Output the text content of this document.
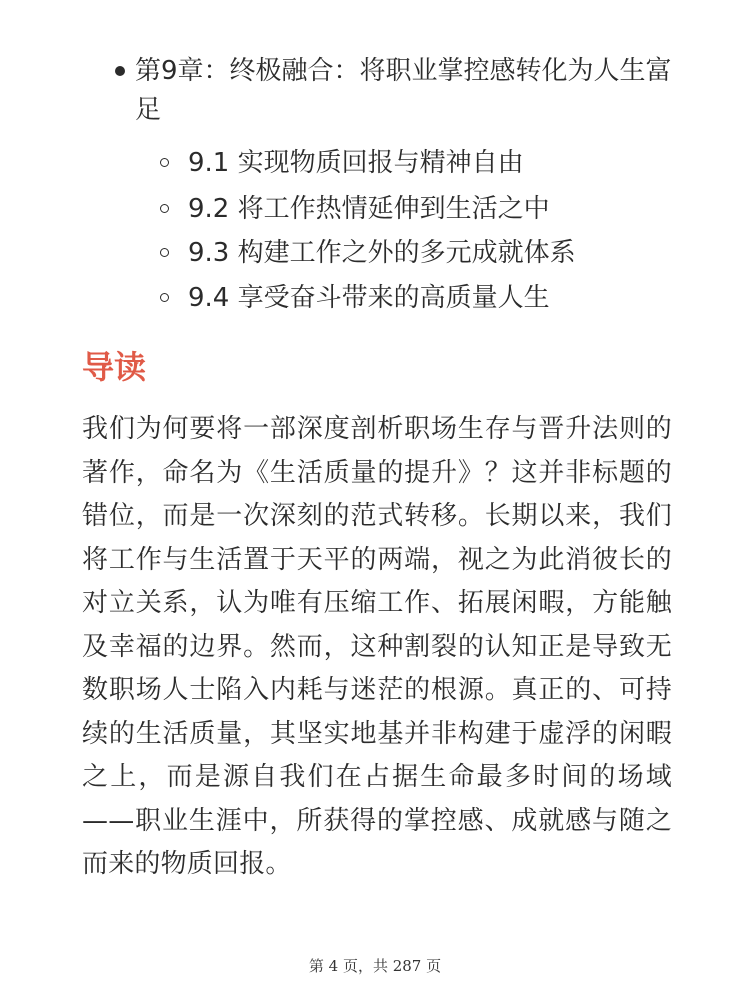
第9章：终极融合：将职业掌控感转化为人生富足
9.1 实现物质回报与精神自由
9.2 将工作热情延伸到生活之中
9.3 构建工作之外的多元成就体系
9.4 享受奋斗带来的高质量人生
导读

我们为何要将一部深度剖析职场生存与晋升法则的著作，命名为《生活质量的提升》？这并非标题的错位，而是一次深刻的范式转移。长期以来，我们将工作与生活置于天平的两端，视之为此消彼长的对立关系，认为唯有压缩工作、拓展闲暇，方能触及幸福的边界。然而，这种割裂的认知正是导致无数职场人士陷入内耗与迷茫的根源。真正的、可持续的生活质量，其坚实地基并非构建于虚浮的闲暇之上，而是源自我们在占据生命最多时间的场域——职业生涯中，所获得的掌控感、成就感与随之而来的物质回报。

第 4 页，共 287 页
